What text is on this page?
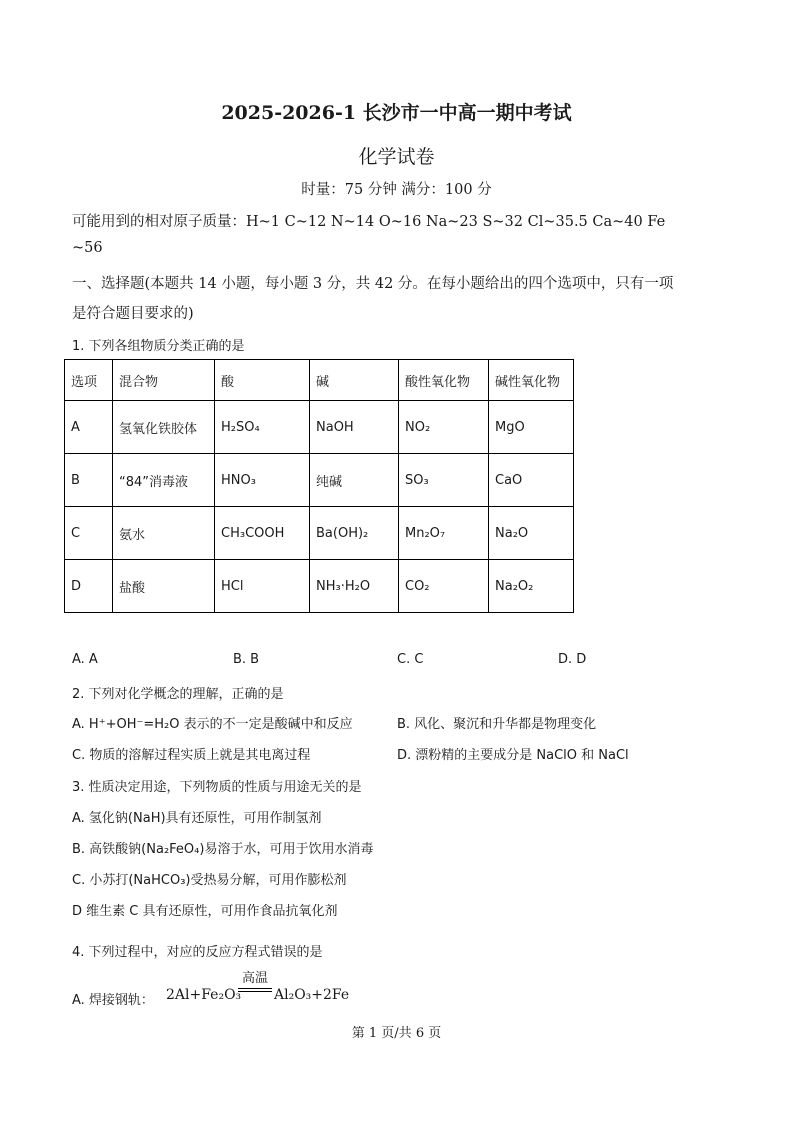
2025-2026-1 长沙市一中高一期中考试
化学试卷
时量：75 分钟 满分：100 分
可能用到的相对原子质量：H~1 C~12 N~14 O~16 Na~23 S~32 Cl~35.5 Ca~40 Fe
~56
一、选择题(本题共 14 小题，每小题 3 分，共 42 分。在每小题给出的四个选项中，只有一项
是符合题目要求的)
1. 下列各组物质分类正确的是
选项	混合物	酸	碱	酸性氧化物	碱性氧化物
A	氢氧化铁胶体	H₂SO₄	NaOH	NO₂	MgO
B	“84”消毒液	HNO₃	纯碱	SO₃	CaO
C	氨水	CH₃COOH	Ba(OH)₂	Mn₂O₇	Na₂O
D	盐酸	HCl	NH₃·H₂O	CO₂	Na₂O₂
A. A	B. B	C. C	D. D
2. 下列对化学概念的理解，正确的是
A. H⁺+OH⁻=H₂O 表示的不一定是酸碱中和反应	B. 风化、聚沉和升华都是物理变化
C. 物质的溶解过程实质上就是其电离过程	D. 漂粉精的主要成分是 NaClO 和 NaCl
3. 性质决定用途，下列物质的性质与用途无关的是
A. 氢化钠(NaH)具有还原性，可用作制氢剂
B. 高铁酸钠(Na₂FeO₄)易溶于水，可用于饮用水消毒
C. 小苏打(NaHCO₃)受热易分解，可用作膨松剂
D 维生素 C 具有还原性，可用作食品抗氧化剂
4. 下列过程中，对应的反应方程式错误的是
A. 焊接钢轨： 2Al+Fe₂O₃
高温
Al₂O₃+2Fe
第 1 页/共 6 页
